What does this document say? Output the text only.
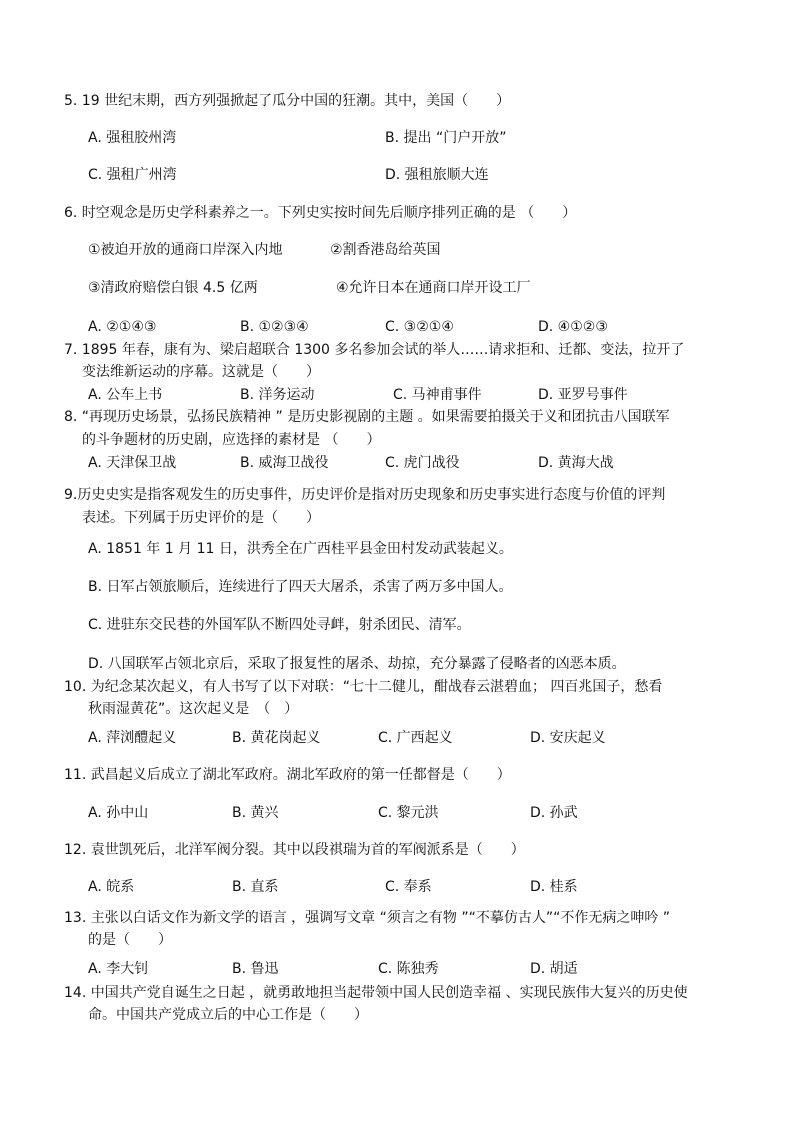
5. 19 世纪末期，西方列强掀起了瓜分中国的狂潮。其中，美国（　　）
A. 强租胶州湾	B. 提出 “门户开放”
C. 强租广州湾	D. 强租旅顺大连
6. 时空观念是历史学科素养之一。下列史实按时间先后顺序排列正确的是 （　　）
①被迫开放的通商口岸深入内地	②割香港岛给英国
③清政府赔偿白银 4.5 亿两	④允许日本在通商口岸开设工厂
A. ②①④③	B. ①②③④	C. ③②①④	D. ④①②③
7. 1895 年春，康有为、梁启超联合 1300 多名参加会试的举人……请求拒和、迁都、变法，拉开了
变法维新运动的序幕。这就是（　　）
A. 公车上书	B. 洋务运动	C. 马神甫事件	D. 亚罗号事件
8. “再现历史场景，弘扬民族精神 ” 是历史影视剧的主题 。如果需要拍摄关于义和团抗击八国联军
的斗争题材的历史剧，应选择的素材是 （　　）
A. 天津保卫战	B. 威海卫战役	C. 虎门战役	D. 黄海大战
9.历史史实是指客观发生的历史事件，历史评价是指对历史现象和历史事实进行态度与价值的评判
表述。下列属于历史评价的是（　　）
A. 1851 年 1 月 11 日，洪秀全在广西桂平县金田村发动武装起义。
B. 日军占领旅顺后，连续进行了四天大屠杀，杀害了两万多中国人。
C. 进驻东交民巷的外国军队不断四处寻衅，射杀团民、清军。
D. 八国联军占领北京后，采取了报复性的屠杀、劫掠，充分暴露了侵略者的凶恶本质。
10. 为纪念某次起义，有人书写了以下对联：“七十二健儿，酣战春云湛碧血； 四百兆国子，愁看
秋雨湿黄花”。这次起义是　（　）
A. 萍浏醴起义	B. 黄花岗起义	C. 广西起义	D. 安庆起义
11. 武昌起义后成立了湖北军政府。湖北军政府的第一任都督是（　　）
A. 孙中山	B. 黄兴	C. 黎元洪	D. 孙武
12. 袁世凯死后，北洋军阀分裂。其中以段祺瑞为首的军阀派系是（　　）
A. 皖系	B. 直系	C. 奉系	D. 桂系
13. 主张以白话文作为新文学的语言 ，强调写文章 “须言之有物 ”“不摹仿古人”“不作无病之呻吟 ”
的是（　　）
A. 李大钊	B. 鲁迅	C. 陈独秀	D. 胡适
14. 中国共产党自诞生之日起 ，就勇敢地担当起带领中国人民创造幸福 、实现民族伟大复兴的历史使
命。中国共产党成立后的中心工作是（　　）
